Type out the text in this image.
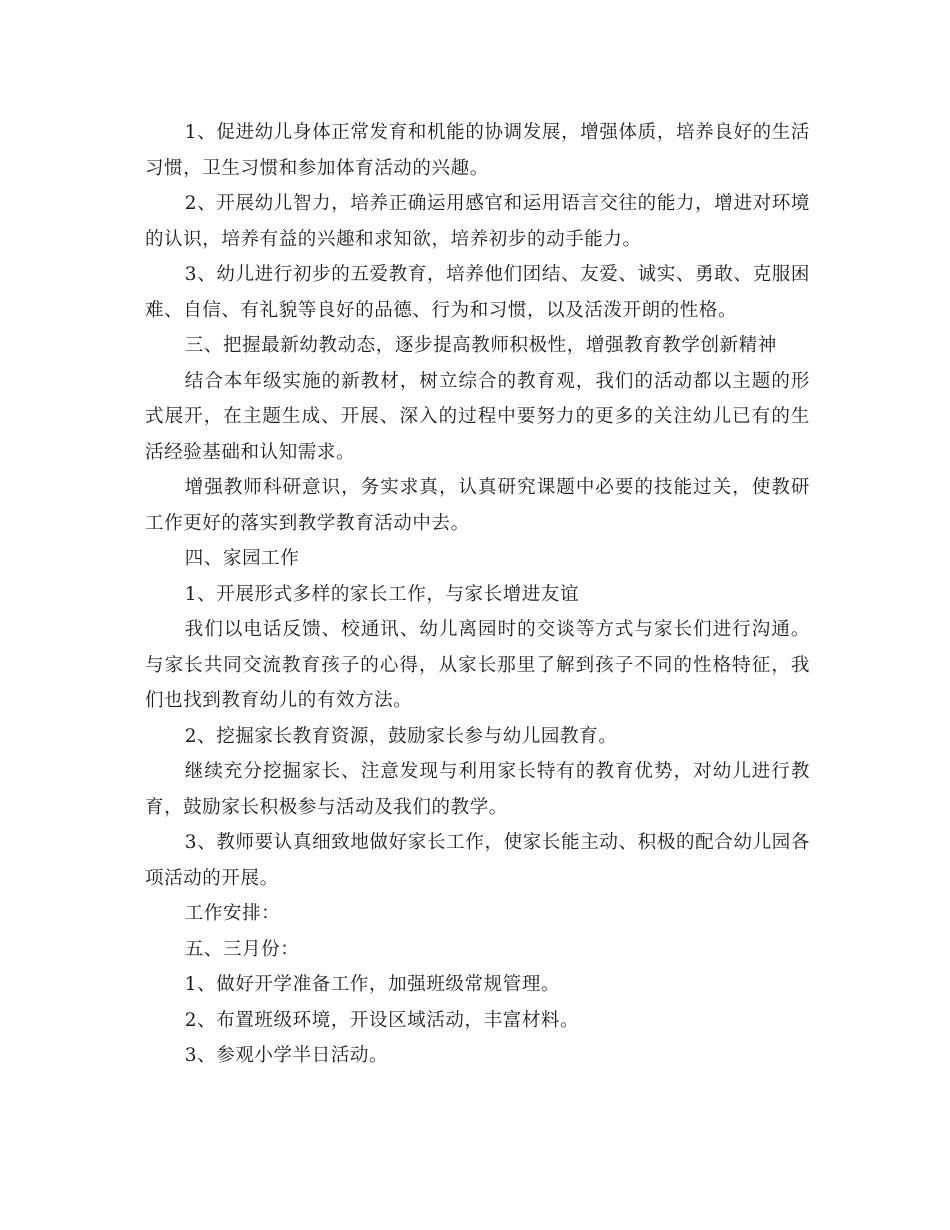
1、促进幼儿身体正常发育和机能的协调发展，增强体质，培养良好的生活习惯，卫生习惯和参加体育活动的兴趣。

2、开展幼儿智力，培养正确运用感官和运用语言交往的能力，增进对环境的认识，培养有益的兴趣和求知欲，培养初步的动手能力。

3、幼儿进行初步的五爱教育，培养他们团结、友爱、诚实、勇敢、克服困难、自信、有礼貌等良好的品德、行为和习惯，以及活泼开朗的性格。

三、把握最新幼教动态，逐步提高教师积极性，增强教育教学创新精神

结合本年级实施的新教材，树立综合的教育观，我们的活动都以主题的形式展开，在主题生成、开展、深入的过程中要努力的更多的关注幼儿已有的生活经验基础和认知需求。

增强教师科研意识，务实求真，认真研究课题中必要的技能过关，使教研工作更好的落实到教学教育活动中去。

四、家园工作

1、开展形式多样的家长工作，与家长增进友谊

我们以电话反馈、校通讯、幼儿离园时的交谈等方式与家长们进行沟通。与家长共同交流教育孩子的心得，从家长那里了解到孩子不同的性格特征，我们也找到教育幼儿的有效方法。

2、挖掘家长教育资源，鼓励家长参与幼儿园教育。

继续充分挖掘家长、注意发现与利用家长特有的教育优势，对幼儿进行教育，鼓励家长积极参与活动及我们的教学。

3、教师要认真细致地做好家长工作，使家长能主动、积极的配合幼儿园各项活动的开展。

工作安排：

五、三月份：

1、做好开学准备工作，加强班级常规管理。

2、布置班级环境，开设区域活动，丰富材料。

3、参观小学半日活动。
